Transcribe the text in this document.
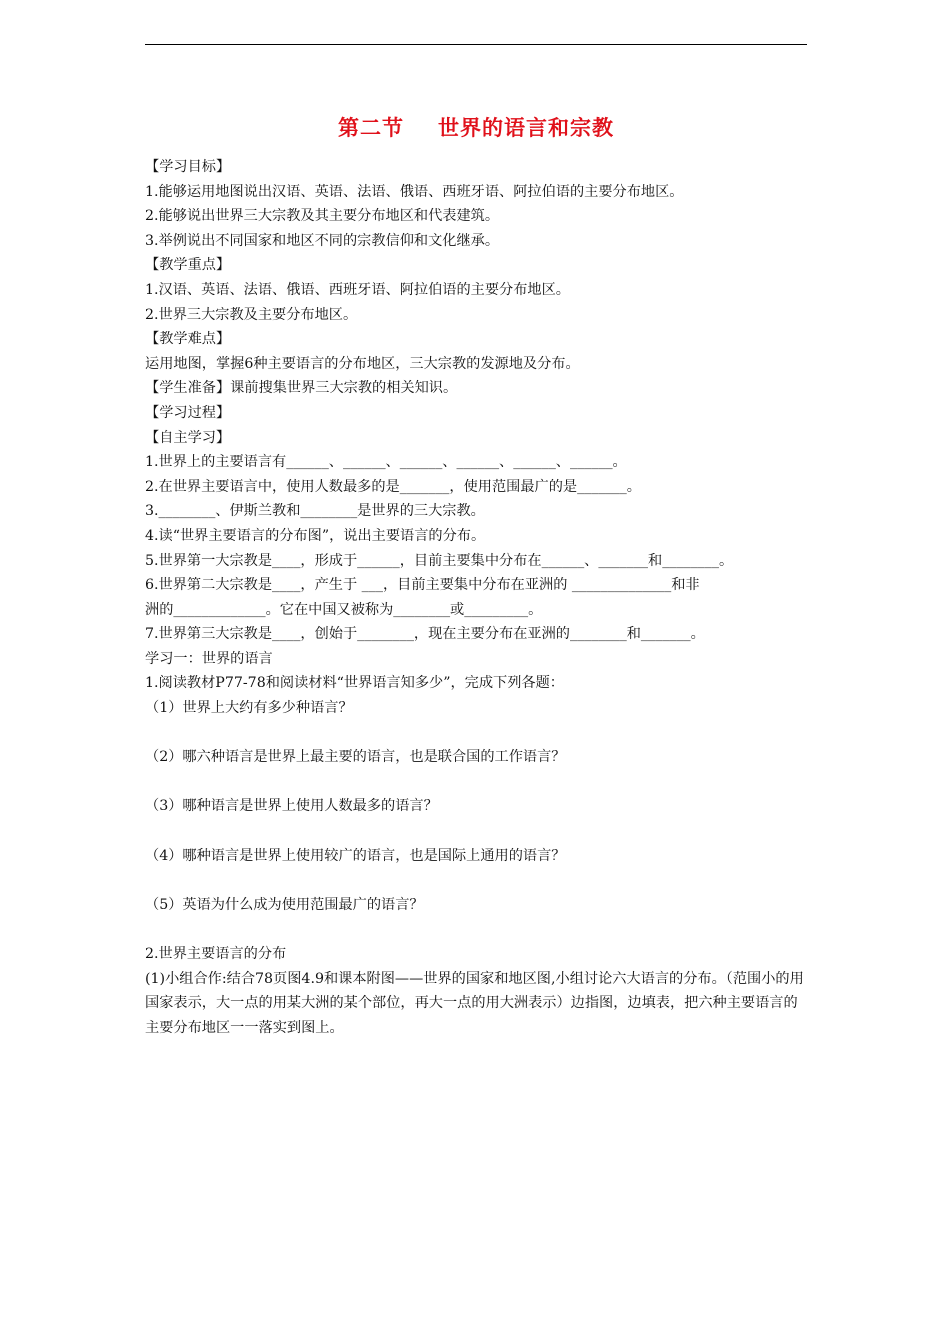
第二节 世界的语言和宗教

【学习目标】

1.能够运用地图说出汉语、英语、法语、俄语、西班牙语、阿拉伯语的主要分布地区。

2.能够说出世界三大宗教及其主要分布地区和代表建筑。

3.举例说出不同国家和地区不同的宗教信仰和文化继承。

【教学重点】

1.汉语、英语、法语、俄语、西班牙语、阿拉伯语的主要分布地区。

2.世界三大宗教及主要分布地区。

【教学难点】

运用地图，掌握6种主要语言的分布地区，三大宗教的发源地及分布。

【学生准备】课前搜集世界三大宗教的相关知识。

【学习过程】

【自主学习】

1.世界上的主要语言有______、______、______、______、______、______。

2.在世界主要语言中，使用人数最多的是_______，使用范围最广的是_______。

3.________、伊斯兰教和________是世界的三大宗教。

4.读“世界主要语言的分布图”，说出主要语言的分布。

5.世界第一大宗教是____，形成于______，目前主要集中分布在______、_______和________。

6.世界第二大宗教是____，产生于 ___，目前主要集中分布在亚洲的 ______________和非

洲的_____________。它在中国又被称为________或_________。

7.世界第三大宗教是____，创始于________，现在主要分布在亚洲的________和_______。

学习一：世界的语言

1.阅读教材P77-78和阅读材料“世界语言知多少”，完成下列各题：

（1）世界上大约有多少种语言？

（2）哪六种语言是世界上最主要的语言，也是联合国的工作语言？

（3）哪种语言是世界上使用人数最多的语言？

（4）哪种语言是世界上使用较广的语言，也是国际上通用的语言？

（5）英语为什么成为使用范围最广的语言？

2.世界主要语言的分布

(1)小组合作:结合78页图4.9和课本附图——世界的国家和地区图,小组讨论六大语言的分布。（范围小的用国家表示，大一点的用某大洲的某个部位，再大一点的用大洲表示）边指图，边填表，把六种主要语言的主要分布地区一一落实到图上。
